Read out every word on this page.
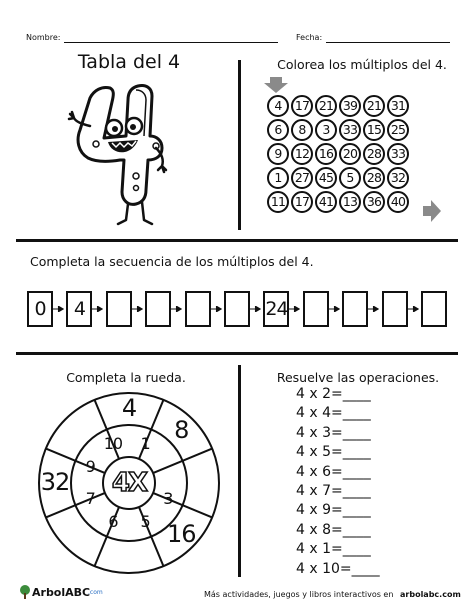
Nombre:	Fecha:
Tabla del 4	Colorea los múltiplos del 4.
4	17 21 39 21 31
6	8	3	33 15 25
9	12 16 20 28 33
1	27 45	5	28 32
11 17 41 13 36 40
Completa la secuencia de los múltiplos del 4.
0	4	24
Completa la rueda.
10	1
3
5
6
7
9
4
8
16
32	4X
Resuelve las operaciones.
4 x 2=____
4 x 4=____
4 x 3=____
4 x 5=____
4 x 6=____
4 x 7=____
4 x 9=____
4 x 8=____
4 x 1=____
4 x 10=____
ArbolABC
.com	Más actividades, juegos y libros interactivos en arbolabc.com
